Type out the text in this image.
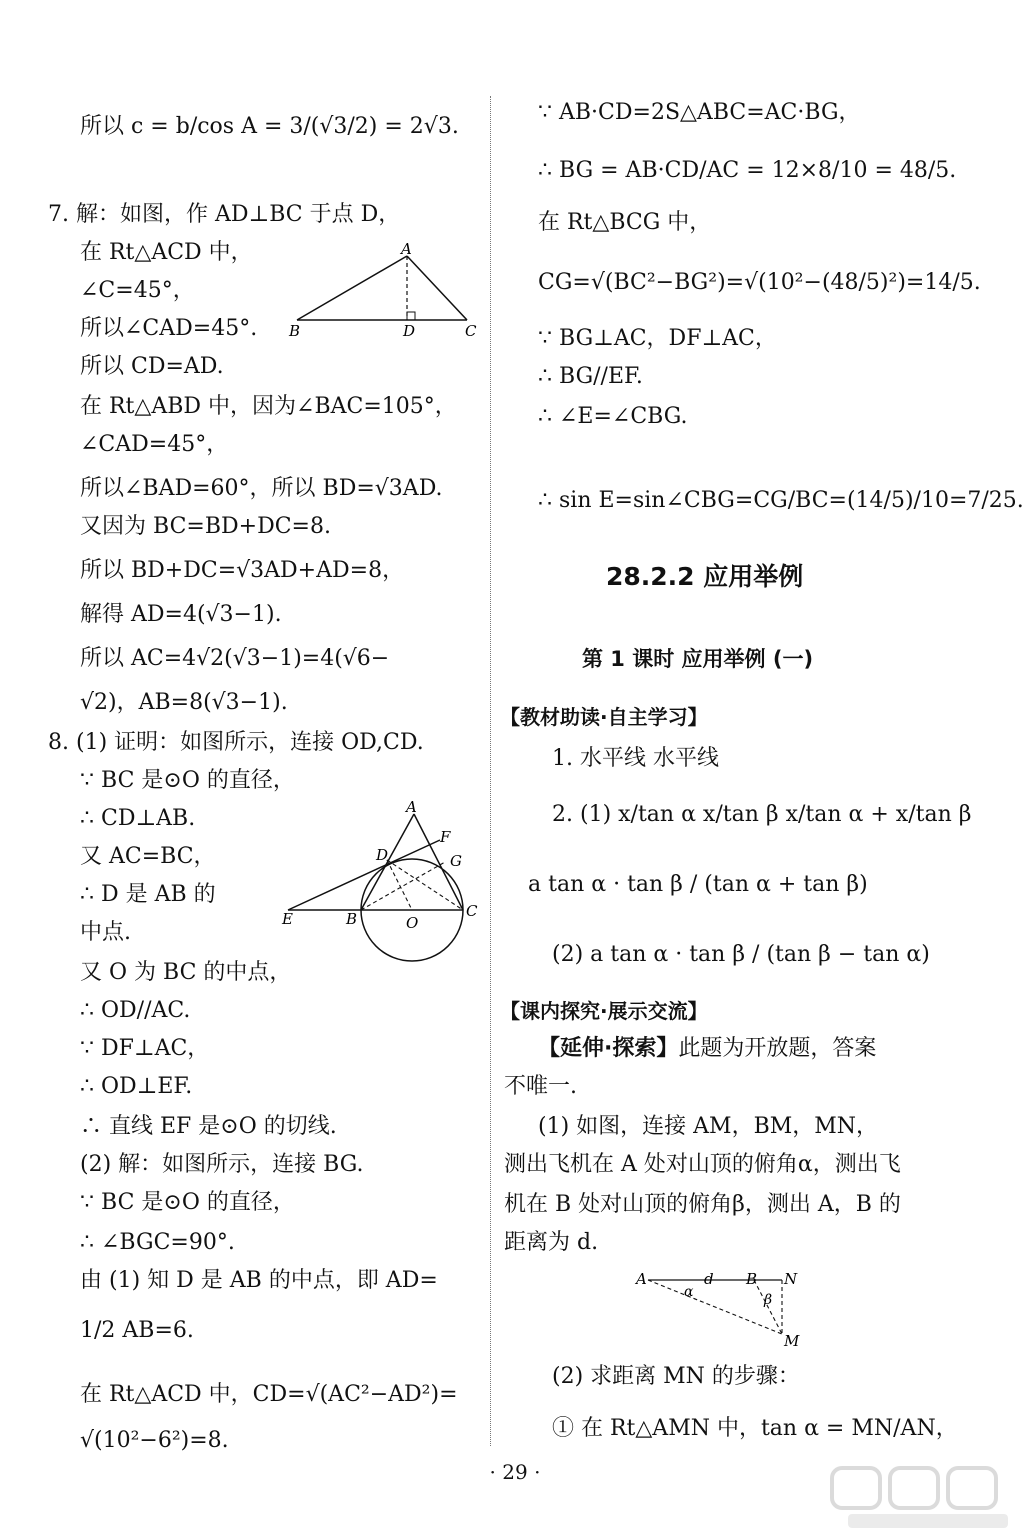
所以 c = b/cos A = 3/(√3/2) = 2√3.
7. 解：如图，作 AD⊥BC 于点 D，
在 Rt△ACD 中，
∠C=45°，
所以∠CAD=45°.
所以 CD=AD.
在 Rt△ABD 中，因为∠BAC=105°，
∠CAD=45°，
所以∠BAD=60°，所以 BD=√3AD.
又因为 BC=BD+DC=8.
所以 BD+DC=√3AD+AD=8，
解得 AD=4(√3−1).
所以 AC=4√2(√3−1)=4(√6−
√2)，AB=8(√3−1).
A
B	D	C
8. (1) 证明：如图所示，连接 OD,CD.
∵ BC 是⊙O 的直径，
∴ CD⊥AB.
又 AC=BC，
∴ D 是 AB 的
中点.
又 O 为 BC 的中点，
∴ OD//AC.
∵ DF⊥AC，
∴ OD⊥EF.
∴ 直线 EF 是⊙O 的切线.
(2) 解：如图所示，连接 BG.
∵ BC 是⊙O 的直径，
∴ ∠BGC=90°.
由 (1) 知 D 是 AB 的中点，即 AD=
1/2 AB=6.
在 Rt△ACD 中，CD=√(AC²−AD²)=
√(10²−6²)=8.
A
F
D	G
E	B	O
C
∵ AB·CD=2S△ABC=AC·BG，
∴ BG = AB·CD/AC = 12×8/10 = 48/5.
在 Rt△BCG 中，
CG=√(BC²−BG²)=√(10²−(48/5)²)=14/5.
∵ BG⊥AC，DF⊥AC，
∴ BG//EF.
∴ ∠E=∠CBG.
∴ sin E=sin∠CBG=CG/BC=(14/5)/10=7/25.
28.2.2 应用举例
第 1 课时 应用举例 (一)
【教材助读·自主学习】
1. 水平线 水平线
2. (1) x/tan α x/tan β x/tan α + x/tan β
a tan α · tan β / (tan α + tan β)
(2) a tan α · tan β / (tan β − tan α)
【课内探究·展示交流】
【延伸·探索】此题为开放题，答案
不唯一.
(1) 如图，连接 AM，BM，MN，
测出飞机在 A 处对山顶的俯角α，测出飞
机在 B 处对山顶的俯角β，测出 A，B 的
距离为 d.
A	d B N
α	β
M
(2) 求距离 MN 的步骤：
① 在 Rt△AMN 中，tan α = MN/AN，
· 29 ·
